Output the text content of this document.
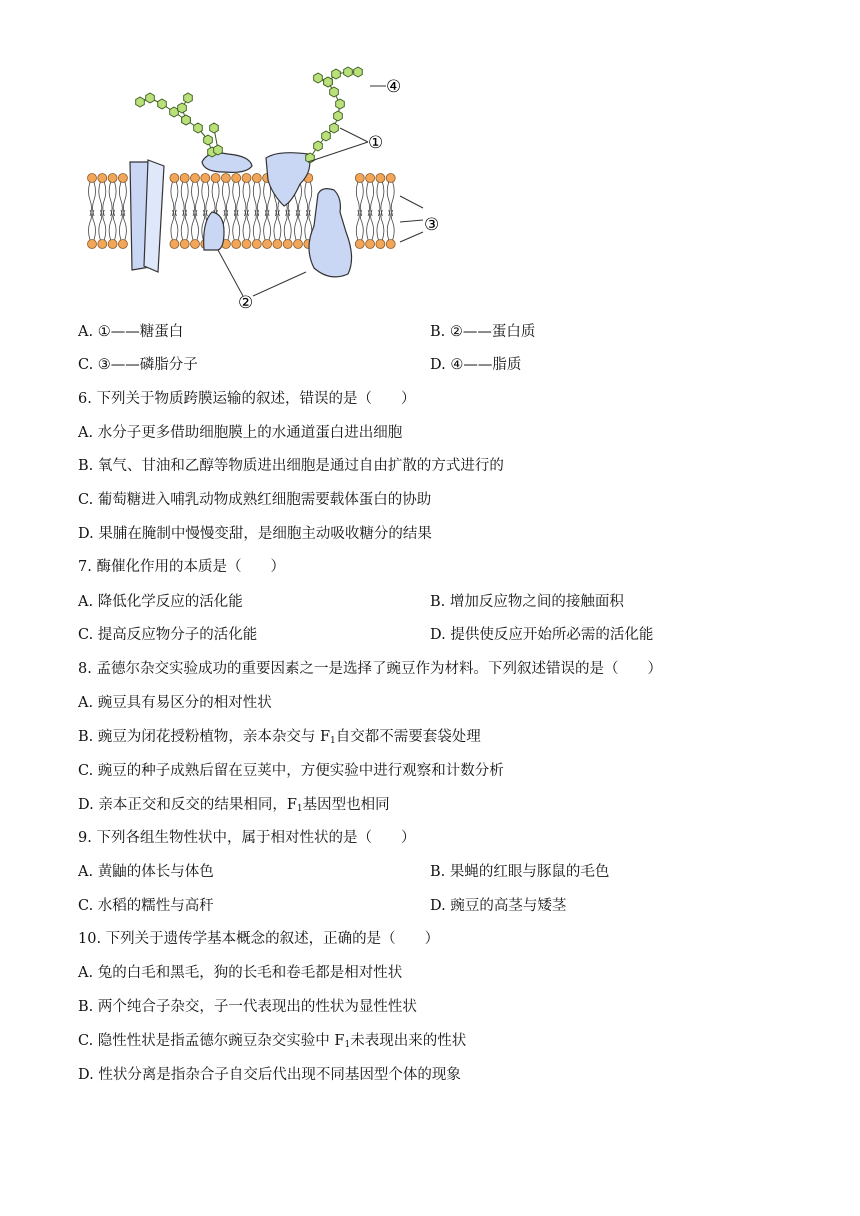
①
②
③
④
A. ①——糖蛋白	B. ②——蛋白质
C. ③——磷脂分子	D. ④——脂质
6. 下列关于物质跨膜运输的叙述，错误的是（　　）
A. 水分子更多借助细胞膜上的水通道蛋白进出细胞
B. 氧气、甘油和乙醇等物质进出细胞是通过自由扩散的方式进行的
C. 葡萄糖进入哺乳动物成熟红细胞需要载体蛋白的协助
D. 果脯在腌制中慢慢变甜，是细胞主动吸收糖分的结果
7. 酶催化作用的本质是（　　）
A. 降低化学反应的活化能	B. 增加反应物之间的接触面积
C. 提高反应物分子的活化能	D. 提供使反应开始所必需的活化能
8. 孟德尔杂交实验成功的重要因素之一是选择了豌豆作为材料。下列叙述错误的是（　　）
A. 豌豆具有易区分的相对性状
B. 豌豆为闭花授粉植物，亲本杂交与 $F_1$自交都不需要套袋处理
C. 豌豆的种子成熟后留在豆荚中，方便实验中进行观察和计数分析
D. 亲本正交和反交的结果相同，$F_1$基因型也相同
9. 下列各组生物性状中，属于相对性状的是（　　）
A. 黄鼬的体长与体色	B. 果蝇的红眼与豚鼠的毛色
C. 水稻的糯性与高秆	D. 豌豆的高茎与矮茎
10. 下列关于遗传学基本概念的叙述，正确的是（　　）
A. 兔的白毛和黑毛，狗的长毛和卷毛都是相对性状
B. 两个纯合子杂交，子一代表现出的性状为显性性状
C. 隐性性状是指孟德尔豌豆杂交实验中 $F_1$未表现出来的性状
D. 性状分离是指杂合子自交后代出现不同基因型个体的现象
